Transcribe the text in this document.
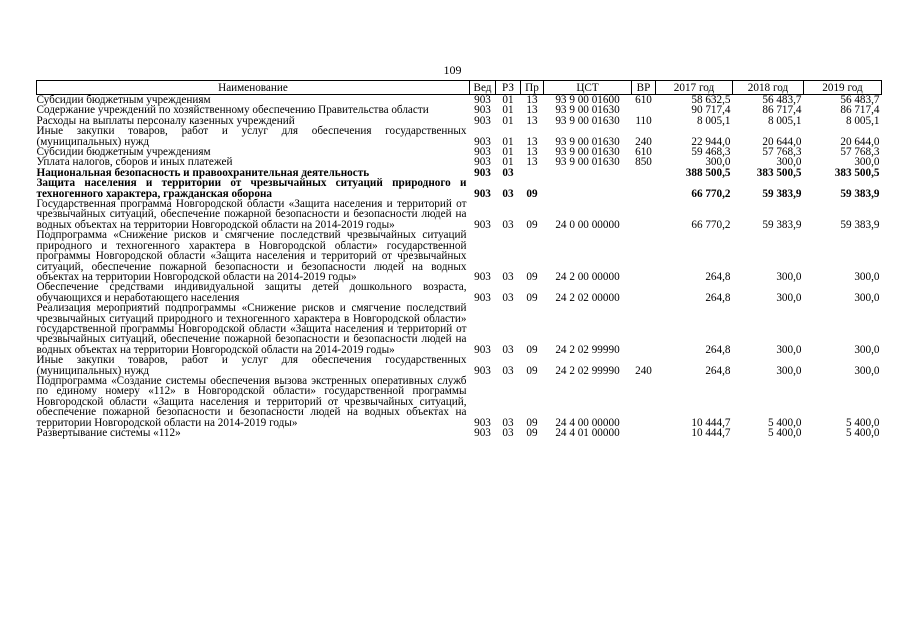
109
Наименование	Вед	РЗ	Пр	ЦСТ	ВР	2017 год	2018 год	2019 год
Субсидии бюджетным учреждениям	903	01	13	93 9 00 01600	610	58 632,5	56 483,7	56 483,7
Содержание учреждений по хозяйственному обеспечению Правительства области	903	01	13	93 9 00 01630		90 717,4	86 717,4	86 717,4
Расходы на выплаты персоналу казенных учреждений	903	01	13	93 9 00 01630	110	8 005,1	8 005,1	8 005,1
Иные закупки товаров, работ и услуг для обеспечения государственных (муниципальных) нужд	903	01	13	93 9 00 01630	240	22 944,0	20 644,0	20 644,0
Субсидии бюджетным учреждениям	903	01	13	93 9 00 01630	610	59 468,3	57 768,3	57 768,3
Уплата налогов, сборов и иных платежей	903	01	13	93 9 00 01630	850	300,0	300,0	300,0
Национальная безопасность и правоохранительная деятельность	903	03				388 500,5	383 500,5	383 500,5
Защита населения и территории от чрезвычайных ситуаций природного и техногенного характера, гражданская оборона	903	03	09			66 770,2	59 383,9	59 383,9
Государственная программа Новгородской области «Защита населения и территорий от чрезвычайных ситуаций, обеспечение пожарной безопасности и безопасности людей на водных объектах на территории Новгородской области на 2014-2019 годы»	903	03	09	24 0 00 00000		66 770,2	59 383,9	59 383,9
Подпрограмма «Снижение рисков и смягчение последствий чрезвычайных ситуаций природного и техногенного характера в Новгородской области» государственной программы Новгородской области «Защита населения и территорий от чрезвычайных ситуаций, обеспечение пожарной безопасности и безопасности людей на водных объектах на территории Новгородской области на 2014-2019 годы»	903	03	09	24 2 00 00000		264,8	300,0	300,0
Обеспечение средствами индивидуальной защиты детей дошкольного возраста, обучающихся и неработающего населения	903	03	09	24 2 02 00000		264,8	300,0	300,0
Реализация мероприятий подпрограммы «Снижение рисков и смягчение последствий чрезвычайных ситуаций природного и техногенного характера в Новгородской области» государственной программы Новгородской области «Защита населения и территорий от чрезвычайных ситуаций, обеспечение пожарной безопасности и безопасности людей на водных объектах на территории Новгородской области на 2014-2019 годы»	903	03	09	24 2 02 99990		264,8	300,0	300,0
Иные закупки товаров, работ и услуг для обеспечения государственных (муниципальных) нужд	903	03	09	24 2 02 99990	240	264,8	300,0	300,0
Подпрограмма «Создание системы обеспечения вызова экстренных оперативных служб по единому номеру «112» в Новгородской области» государственной программы Новгородской области «Защита населения и территорий от чрезвычайных ситуаций, обеспечение пожарной безопасности и безопасности людей на водных объектах на территории Новгородской области на 2014-2019 годы»	903	03	09	24 4 00 00000		10 444,7	5 400,0	5 400,0
Развертывание системы «112»	903	03	09	24 4 01 00000		10 444,7	5 400,0	5 400,0
